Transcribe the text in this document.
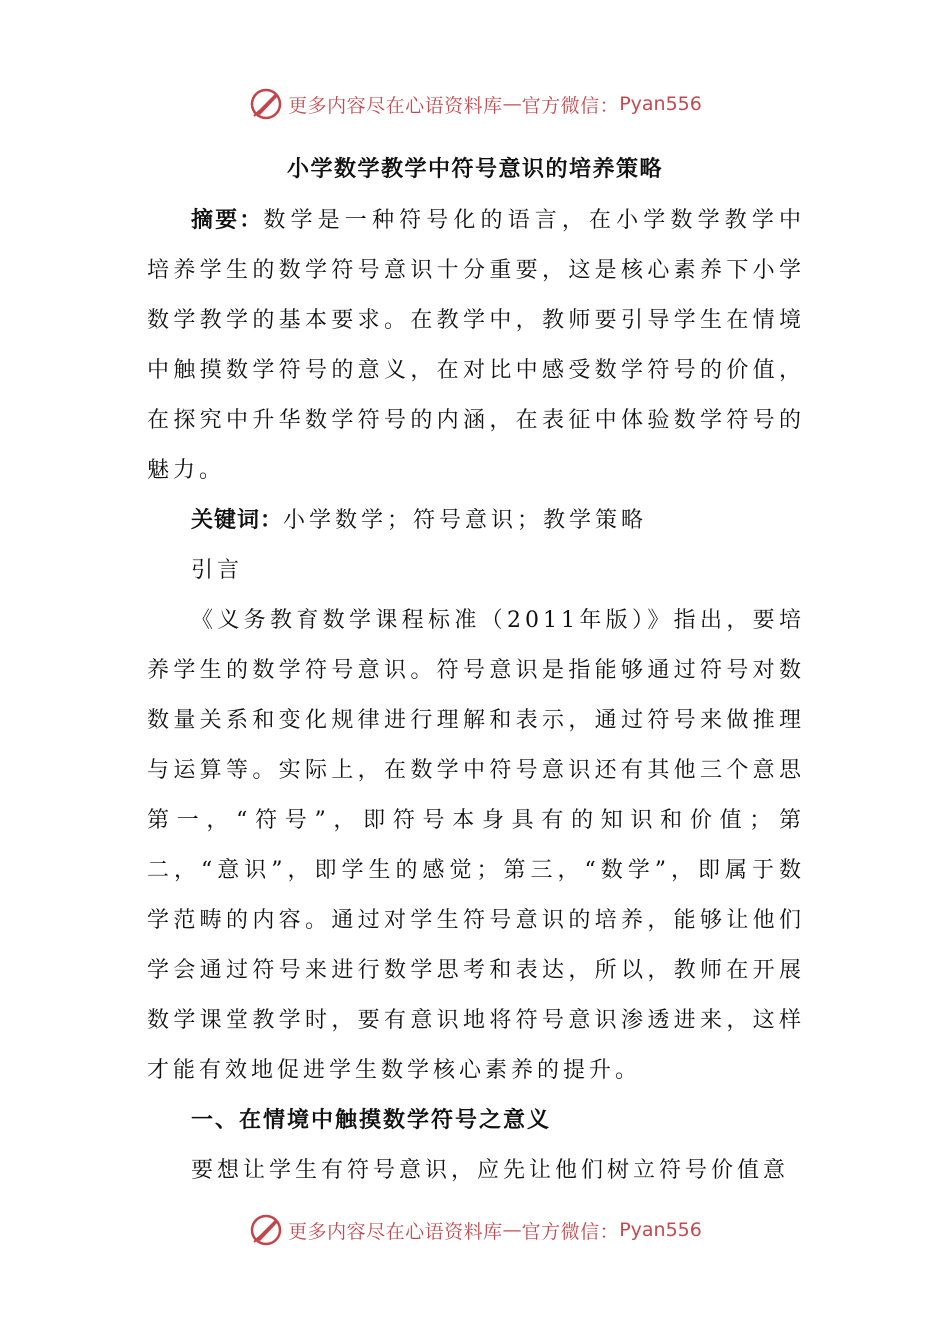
更多内容尽在心语资料库 — 官方微信： Pyan556
小学数学教学中符号意识的培养策略

摘要：数学是一种符号化的语言，在小学数学教学中培养学生的数学符号意识十分重要，这是核心素养下小学数学教学的基本要求。在教学中，教师要引导学生在情境中触摸数学符号的意义，在对比中感受数学符号的价值，在探究中升华数学符号的内涵，在表征中体验数学符号的魅力。

关键词：小学数学；符号意识；教学策略

引言

《义务教育数学课程标准（2011年版）》指出，要培养学生的数学符号意识。符号意识是指能够通过符号对数数量关系和变化规律进行理解和表示，通过符号来做推理与运算等。实际上，在数学中符号意识还有其他三个意思第一，“符号”，即符号本身具有的知识和价值；第二，“意识”，即学生的感觉；第三，“数学”，即属于数学范畴的内容。通过对学生符号意识的培养，能够让他们学会通过符号来进行数学思考和表达，所以，教师在开展数学课堂教学时，要有意识地将符号意识渗透进来，这样才能有效地促进学生数学核心素养的提升。

一、在情境中触摸数学符号之意义

要想让学生有符号意识，应先让他们树立符号价值意

更多内容尽在心语资料库 — 官方微信： Pyan556
